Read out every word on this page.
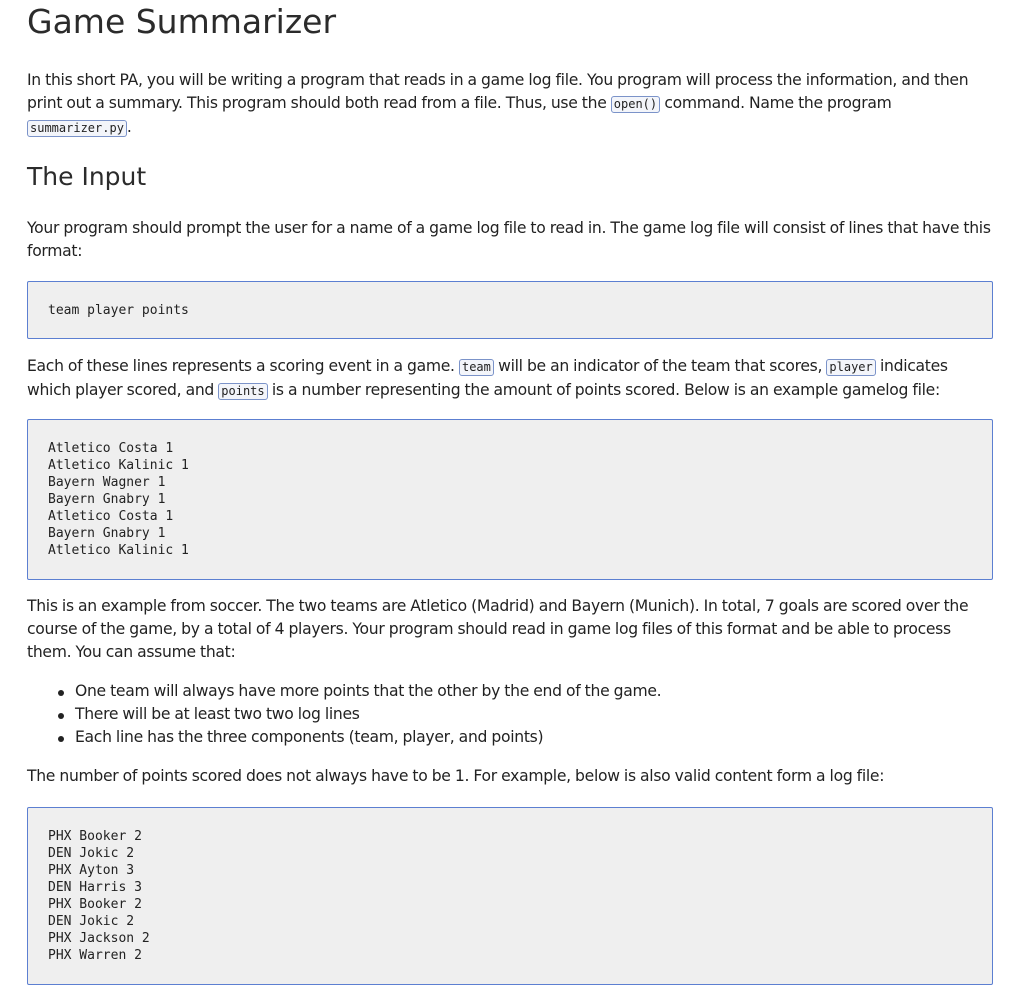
Game Summarizer

In this short PA, you will be writing a program that reads in a game log file. You program will process the information, and then print out a summary. This program should both read from a file. Thus, use the open() command. Name the program summarizer.py .

The Input

Your program should prompt the user for a name of a game log file to read in. The game log file will consist of lines that have this format:

team player points

Each of these lines represents a scoring event in a game. team will be an indicator of the team that scores, player indicates which player scored, and points is a number representing the amount of points scored. Below is an example gamelog file:

Atletico Costa 1
Atletico Kalinic 1
Bayern Wagner 1
Bayern Gnabry 1
Atletico Costa 1
Bayern Gnabry 1
Atletico Kalinic 1

This is an example from soccer. The two teams are Atletico (Madrid) and Bayern (Munich). In total, 7 goals are scored over the course of the game, by a total of 4 players. Your program should read in game log files of this format and be able to process them. You can assume that:

One team will always have more points that the other by the end of the game.
There will be at least two two log lines
Each line has the three components (team, player, and points)

The number of points scored does not always have to be 1. For example, below is also valid content form a log file:

PHX Booker 2
DEN Jokic 2
PHX Ayton 3
DEN Harris 3
PHX Booker 2
DEN Jokic 2
PHX Jackson 2
PHX Warren 2
